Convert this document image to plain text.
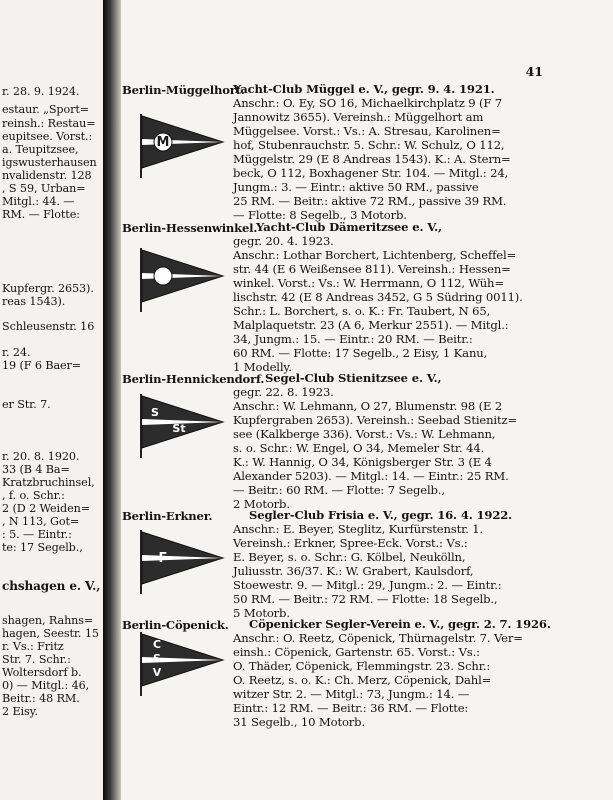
r. 28. 9. 1924.
estaur. „Sport=
reinsh.: Restau=
eupitsee. Vorst.:
a. Teupitzsee,
igswusterhausen
nvalidenstr. 128
, S 59, Urban=
Mitgl.: 44. —
RM. — Flotte:
Kupfergr. 2653).
reas 1543).
Schleusenstr. 16
r. 24.
19 (F 6 Baer=
er Str. 7.
r. 20. 8. 1920.
33 (B 4 Ba=
Kratzbruchinsel,
, f. o. Schr.:
2 (D 2 Weiden=
, N 113, Got=
: 5. — Eintr.:
te: 17 Segelb.,
chshagen e. V.,
shagen, Rahns=
hagen, Seestr. 15
r. Vs.: Fritz
Str. 7. Schr.:
Woltersdorf b.
0) — Mitgl.: 46,
Beitr.: 48 RM.
2 Eisy.
41
Berlin-Müggelhort.
M
Yacht-Club Müggel e. V., gegr. 9. 4. 1921.
Anschr.: O. Ey, SO 16, Michaelkirchplatz 9 (F 7
Jannowitz 3655). Vereinsh.: Müggelhort am
Müggelsee. Vorst.: Vs.: A. Stresau, Karolinen=
hof, Stubenrauchstr. 5. Schr.: W. Schulz, O 112,
Müggelstr. 29 (E 8 Andreas 1543). K.: A. Stern=
beck, O 112, Boxhagener Str. 104. — Mitgl.: 24,
Jungm.: 3. — Eintr.: aktive 50 RM., passive
25 RM. — Beitr.: aktive 72 RM., passive 39 RM.
— Flotte: 8 Segelb., 3 Motorb.
Berlin-Hessenwinkel.
Yacht-Club Dämeritzsee e. V.,
gegr. 20. 4. 1923.
Anschr.: Lothar Borchert, Lichtenberg, Scheffel=
str. 44 (E 6 Weißensee 811). Vereinsh.: Hessen=
winkel. Vorst.: Vs.: W. Herrmann, O 112, Wüh=
lischstr. 42 (E 8 Andreas 3452, G 5 Südring 0011).
Schr.: L. Borchert, s. o. K.: Fr. Taubert, N 65,
Malplaquetstr. 23 (A 6, Merkur 2551). — Mitgl.:
34, Jungm.: 15. — Eintr.: 20 RM. — Beitr.:
60 RM. — Flotte: 17 Segelb., 2 Eisy, 1 Kanu,
1 Modelly.
Berlin-Hennickendorf.
S
St
Segel-Club Stienitzsee e. V.,
gegr. 22. 8. 1923.
Anschr.: W. Lehmann, O 27, Blumenstr. 98 (E 2
Kupfergraben 2653). Vereinsh.: Seebad Stienitz=
see (Kalkberge 336). Vorst.: Vs.: W. Lehmann,
s. o. Schr.: W. Engel, O 34, Memeler Str. 44.
K.: W. Hannig, O 34, Königsberger Str. 3 (E 4
Alexander 5203). — Mitgl.: 14. — Eintr.: 25 RM.
— Beitr.: 60 RM. — Flotte: 7 Segelb.,
2 Motorb.
Berlin-Erkner.
F
Segler-Club Frisia e. V., gegr. 16. 4. 1922.
Anschr.: E. Beyer, Steglitz, Kurfürstenstr. 1.
Vereinsh.: Erkner, Spree-Eck. Vorst.: Vs.:
E. Beyer, s. o. Schr.: G. Kölbel, Neukölln,
Juliusstr. 36/37. K.: W. Grabert, Kaulsdorf,
Stoewestr. 9. — Mitgl.: 29, Jungm.: 2. — Eintr.:
50 RM. — Beitr.: 72 RM. — Flotte: 18 Segelb.,
5 Motorb.
Berlin-Cöpenick.
C
S
V
Cöpenicker Segler-Verein e. V., gegr. 2. 7. 1926.
Anschr.: O. Reetz, Cöpenick, Thürnagelstr. 7. Ver=
einsh.: Cöpenick, Gartenstr. 65. Vorst.: Vs.:
O. Thäder, Cöpenick, Flemmingstr. 23. Schr.:
O. Reetz, s. o. K.: Ch. Merz, Cöpenick, Dahl=
witzer Str. 2. — Mitgl.: 73, Jungm.: 14. —
Eintr.: 12 RM. — Beitr.: 36 RM. — Flotte:
31 Segelb., 10 Motorb.
